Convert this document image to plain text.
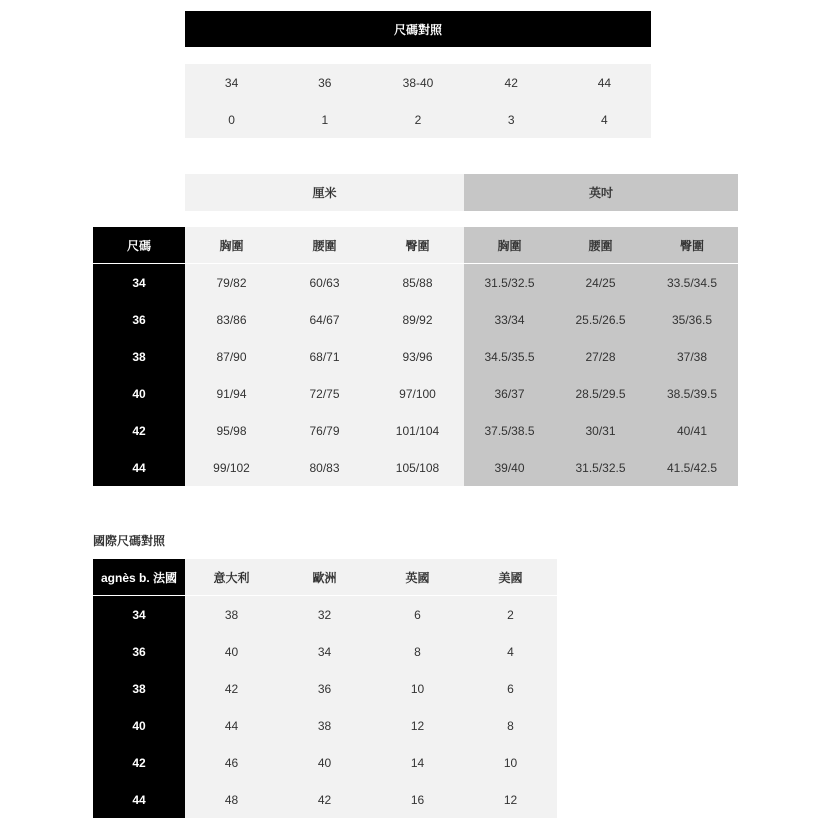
尺碼對照
34	36	38-40	42	44
0	1	2	3	4
厘米	英吋
尺碼	胸圍	腰圍	臀圍	胸圍	腰圍	臀圍
34	79/82	60/63	85/88	31.5/32.5	24/25	33.5/34.5
36	83/86	64/67	89/92	33/34	25.5/26.5	35/36.5
38	87/90	68/71	93/96	34.5/35.5	27/28	37/38
40	91/94	72/75	97/100	36/37	28.5/29.5	38.5/39.5
42	95/98	76/79	101/104	37.5/38.5	30/31	40/41
44	99/102	80/83	105/108	39/40	31.5/32.5	41.5/42.5
國際尺碼對照
agnès b. 法國	意大利	歐洲	英國	美國
34	38	32	6	2
36	40	34	8	4
38	42	36	10	6
40	44	38	12	8
42	46	40	14	10
44	48	42	16	12
